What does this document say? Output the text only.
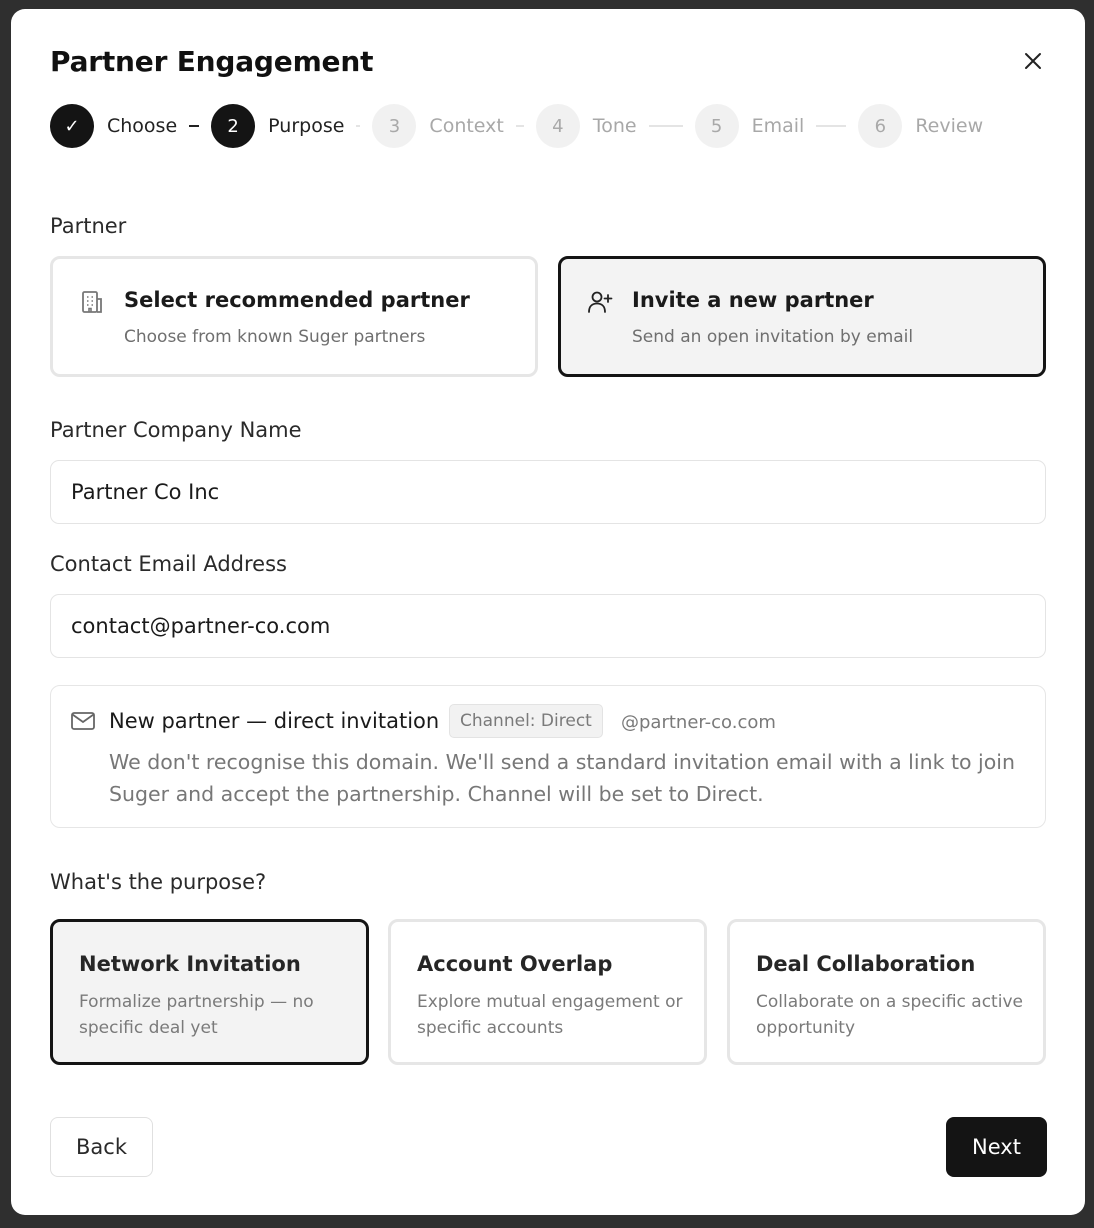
Partner Engagement
✓	Choose	2	Purpose	3	Context	4	Tone	5	Email	6	Review
Partner
Select recommended partner
Choose from known Suger partners
Invite a new partner
Send an open invitation by email
Partner Company Name
Partner Co Inc
Contact Email Address
contact@partner-co.com
New partner — direct invitation	Channel: Direct	@partner-co.com
We don't recognise this domain. We'll send a standard invitation email with a link to join Suger and accept the partnership. Channel will be set to Direct.
What's the purpose?
Network Invitation
Formalize partnership — no specific deal yet
Account Overlap
Explore mutual engagement or specific accounts
Deal Collaboration
Collaborate on a specific active opportunity
Back	Next
